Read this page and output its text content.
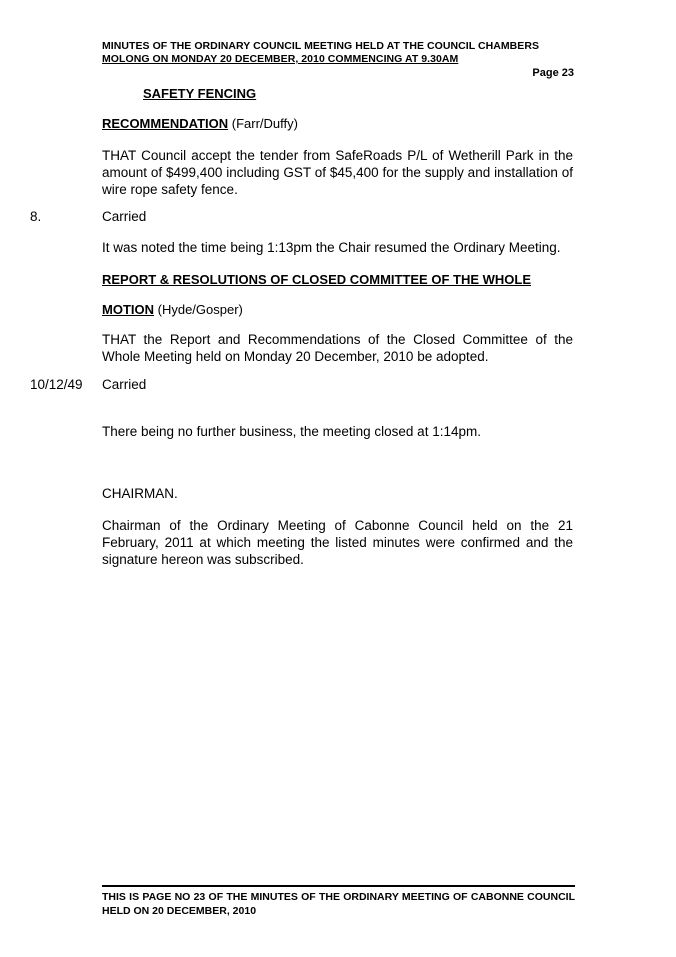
MINUTES OF THE ORDINARY COUNCIL MEETING HELD AT THE COUNCIL CHAMBERS
MOLONG ON MONDAY 20 DECEMBER, 2010 COMMENCING AT 9.30AM
Page 23
SAFETY FENCING
RECOMMENDATION (Farr/Duffy)
THAT Council accept the tender from SafeRoads P/L of Wetherill Park in the amount of $499,400 including GST of $45,400 for the supply and installation of wire rope safety fence.
8.	Carried
It was noted the time being 1:13pm the Chair resumed the Ordinary Meeting.
REPORT & RESOLUTIONS OF CLOSED COMMITTEE OF THE WHOLE
MOTION (Hyde/Gosper)
THAT the Report and Recommendations of the Closed Committee of the Whole Meeting held on Monday 20 December, 2010 be adopted.
10/12/49 Carried
There being no further business, the meeting closed at 1:14pm.
CHAIRMAN.
Chairman of the Ordinary Meeting of Cabonne Council held on the 21 February, 2011 at which meeting the listed minutes were confirmed and the signature hereon was subscribed.
THIS IS PAGE NO 23 OF THE MINUTES OF THE ORDINARY MEETING OF CABONNE COUNCIL HELD ON 20 DECEMBER, 2010
